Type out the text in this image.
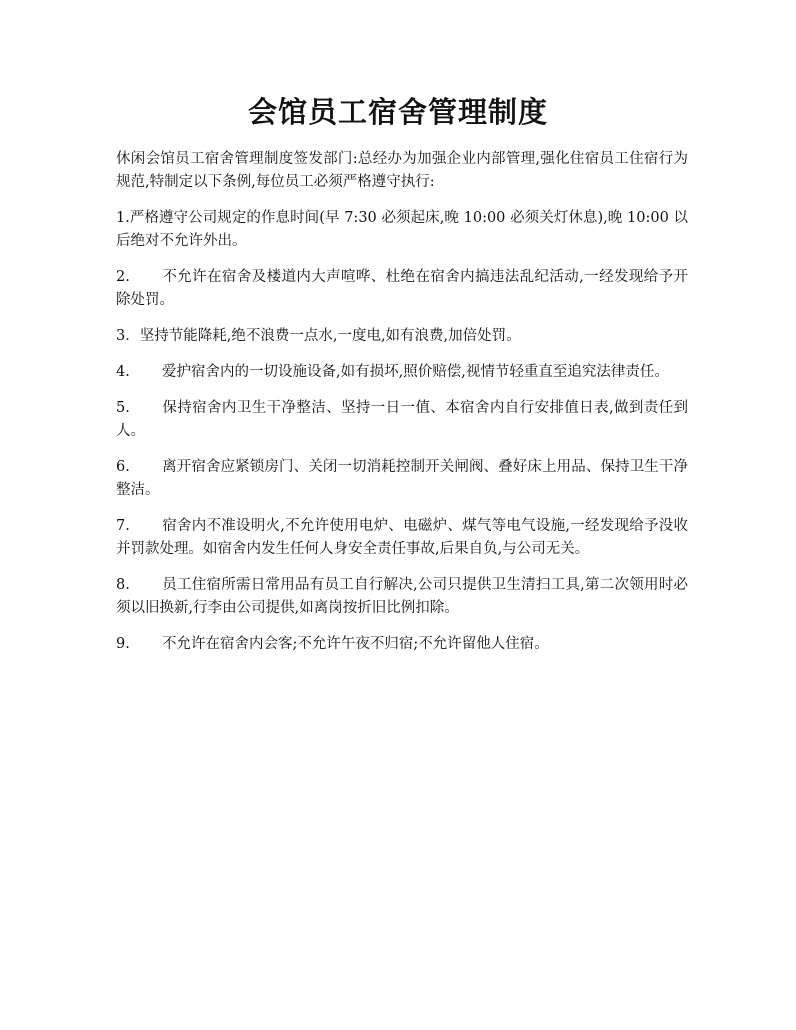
会馆员工宿舍管理制度

休闲会馆员工宿舍管理制度签发部门:总经办为加强企业内部管理,强化住宿员工住宿行为规范,特制定以下条例,每位员工必须严格遵守执行:

1.严格遵守公司规定的作息时间(早 7:30 必须起床,晚 10:00 必须关灯休息),晚 10:00 以后绝对不允许外出。

2. 不允许在宿舍及楼道内大声喧哗、杜绝在宿舍内搞违法乱纪活动,一经发现给予开除处罚。

3．坚持节能降耗,绝不浪费一点水,一度电,如有浪费,加倍处罚。

4. 爱护宿舍内的一切设施设备,如有损坏,照价赔偿,视情节轻重直至追究法律责任。

5. 保持宿舍内卫生干净整洁、坚持一日一值、本宿舍内自行安排值日表,做到责任到人。

6. 离开宿舍应紧锁房门、关闭一切消耗控制开关闸阀、叠好床上用品、保持卫生干净整洁。

7. 宿舍内不准设明火,不允许使用电炉、电磁炉、煤气等电气设施,一经发现给予没收并罚款处理。如宿舍内发生任何人身安全责任事故,后果自负,与公司无关。

8. 员工住宿所需日常用品有员工自行解决,公司只提供卫生清扫工具,第二次领用时必须以旧换新,行李由公司提供,如离岗按折旧比例扣除。

9. 不允许在宿舍内会客;不允许午夜不归宿;不允许留他人住宿。
